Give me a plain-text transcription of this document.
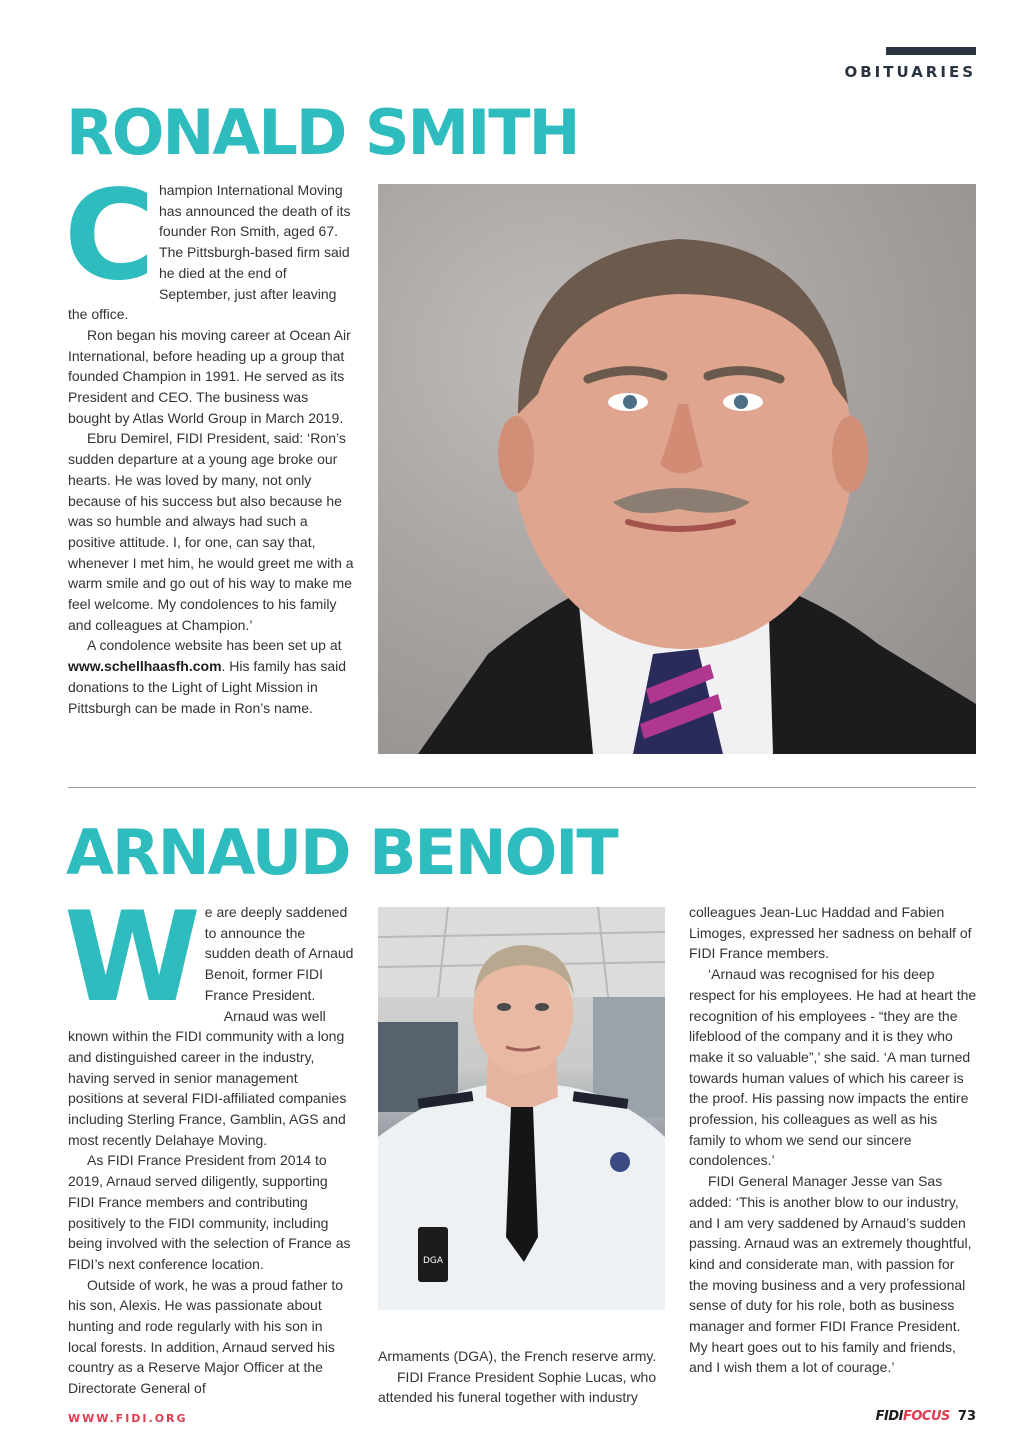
OBITUARIES
RONALD SMITH

Champion International Moving has announced the death of its founder Ron Smith, aged 67. The Pittsburgh-based firm said he died at the end of September, just after leaving the office.

Ron began his moving career at Ocean Air International, before heading up a group that founded Champion in 1991. He served as its President and CEO. The business was bought by Atlas World Group in March 2019.

Ebru Demirel, FIDI President, said: ‘Ron’s sudden departure at a young age broke our hearts. He was loved by many, not only because of his success but also because he was so humble and always had such a positive attitude. I, for one, can say that, whenever I met him, he would greet me with a warm smile and go out of his way to make me feel welcome. My condolences to his family and colleagues at Champion.’

A condolence website has been set up at www.schellhaasfh.com. His family has said donations to the Light of Light Mission in Pittsburgh can be made in Ron’s name.

ARNAUD BENOIT

We are deeply saddened to announce the sudden death of Arnaud Benoit, former FIDI France President.

Arnaud was well known within the FIDI community with a long and distinguished career in the industry, having served in senior management positions at several FIDI-affiliated companies including Sterling France, Gamblin, AGS and most recently Delahaye Moving.

As FIDI France President from 2014 to 2019, Arnaud served diligently, supporting FIDI France members and contributing positively to the FIDI community, including being involved with the selection of France as FIDI’s next conference location.

Outside of work, he was a proud father to his son, Alexis. He was passionate about hunting and rode regularly with his son in local forests. In addition, Arnaud served his country as a Reserve Major Officer at the Directorate General of

DGA

Armaments (DGA), the French reserve army.

FIDI France President Sophie Lucas, who attended his funeral together with industry

colleagues Jean-Luc Haddad and Fabien Limoges, expressed her sadness on behalf of FIDI France members.

‘Arnaud was recognised for his deep respect for his employees. He had at heart the recognition of his employees - “they are the lifeblood of the company and it is they who make it so valuable”,’ she said. ‘A man turned towards human values of which his career is the proof. His passing now impacts the entire profession, his colleagues as well as his family to whom we send our sincere condolences.’

FIDI General Manager Jesse van Sas added: ‘This is another blow to our industry, and I am very saddened by Arnaud’s sudden passing. Arnaud was an extremely thoughtful, kind and considerate man, with passion for the moving business and a very professional sense of duty for his role, both as business manager and former FIDI France President. My heart goes out to his family and friends, and I wish them a lot of courage.’

WWW.FIDI.ORG	FIDIFOCUS 73
